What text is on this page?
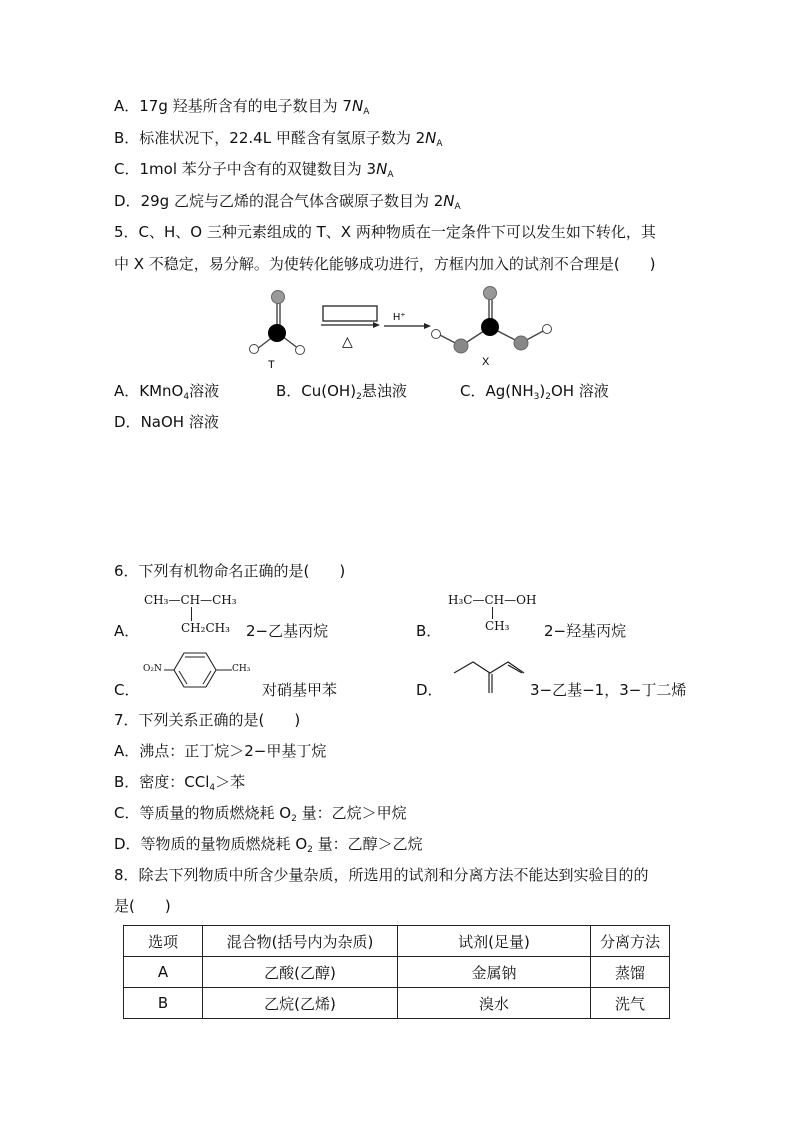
A．17g 羟基所含有的电子数目为 $7N_A$
B．标准状况下，22.4L 甲醛含有氢原子数为 $2N_A$
C．1mol 苯分子中含有的双键数目为 $3N_A$
D．29g 乙烷与乙烯的混合气体含碳原子数目为 $2N_A$
5．C、H、O 三种元素组成的 T、X 两种物质在一定条件下可以发生如下转化，其
中 X 不稳定，易分解。为使转化能够成功进行，方框内加入的试剂不合理是(　　)
T
△
H⁺
X
A．KMnO$_4$溶液	B．$Cu(OH)_2$悬浊液	C．$Ag(NH_3)_2OH$ 溶液
D．NaOH 溶液
6．下列有机物命名正确的是(　　)
A．
CH₃—CH—CH₃
CH₂CH₃ 2−乙基丙烷	B．
H₃C—CH—OH
CH₃ 2−羟基丙烷
C．
O₂N	CH₃
对硝基甲苯	D．	3−乙基−1，3−丁二烯
7．下列关系正确的是(　　)
A．沸点：正丁烷＞2−甲基丁烷
B．密度：CCl$_4$＞苯
C．等质量的物质燃烧耗 $O_2$ 量：乙烷＞甲烷
D．等物质的量物质燃烧耗 $O_2$ 量：乙醇＞乙烷
8．除去下列物质中所含少量杂质，所选用的试剂和分离方法不能达到实验目的的
是(　　)
选项	混合物(括号内为杂质)	试剂(足量)	分离方法
A	乙酸(乙醇)	金属钠	蒸馏
B	乙烷(乙烯)	溴水	洗气
